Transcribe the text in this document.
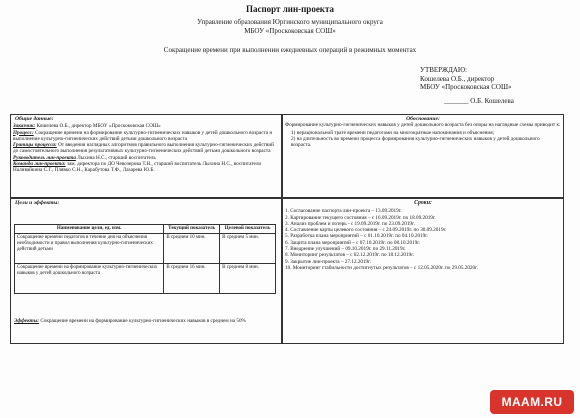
Паспорт лин-проекта
Управление образования Юргинского муниципального округа
МБОУ «Проскоковская СОШ»
Сокращение времени при выполнении ежедневных операций в режимных моментах
УТВЕРЖДАЮ:
Кошелева О.Б., директор
МБОУ «Проскоковская СОШ»
_______ О.Б. Кошелева
Общие данные:
Заказчик: Кошелева О.Б., директор МБОУ «Проскоковская СОШ»
Процесс: Сокращение времени на формирование культурно-гигиенических навыков у детей дошкольного возраста и выполнение культурно-гигиенических действий детьми дошкольного возраста
Границы процесса: От введения наглядных алгоритмов правильного выполнения культурно-гигиенических действий до самостоятельного выполнения результативных культурно-гигиенических действий детьми дошкольного возраста
Руководитель лин-проекта Лыхина Н.С., старший воспитатель
Команда лин-проекта: зам. директора по ДО Чевозерова Т.Н., старший воспитатель Лыхина Н.С., воспитатели Наливайкина С.Г., Плявко С.Н., Карабутова Т.Ф., Лазарева Ю.Б.
Обоснование:
Формирование культурно-гигиенических навыков у детей дошкольного возраста без опоры на наглядные схемы приводит к:
1) нерациональной трате времени педагогами на многократные напоминания и объяснения;
2) на длительность во времени процесса формирования культурно-гигиенических навыков у детей дошкольного возраста.
Цели и эффекты:
Наименование цели, ед. изм.	Текущий показатель	Целевой показатель
Сокращение времени педагогов в течение дня на объяснения необходимости и правил выполнения культурно-гигиенических действий детьми	В среднем 10 мин.	В среднем 5 мин.
Сокращение времени на формирование культурно-гигиенических навыков у детей дошкольного возраста	В среднем 16 мин.	В среднем 8 мин.
Эффекты: Сокращение времени на формирование культурно-гигиенических навыков в среднем на 50%
Сроки:
1. Согласование паспорта лин-проекта – 13.09.2019г.
2. Картирование текущего состояния – с 16.09.2019г. по 18.09.2019г.
3. Анализ проблем и потерь - с 19.09.2019г. по 23.09.2019г.
4. Составление карты целевого состояния – с 24.09.2019г. по 30.09.2019г.
5. Разработка плана мероприятий – с 01.10.2019г. по 04.10.2019г.
6. Защита плана мероприятий – с 07.10.2019г. по 08.10.2019г.
7. Внедрение улучшений – 09.10.2019г. по 29.11.2019г.
8. Мониторинг результатов – с 02.12.2019г. по 18.12.2019г.
9. Закрытие лин-проекта – 27.12.2019г.
10. Мониторинг стабильности достигнутых результатов – с 12.05.2020г. по 29.05.2020г.
MAAM.RU
